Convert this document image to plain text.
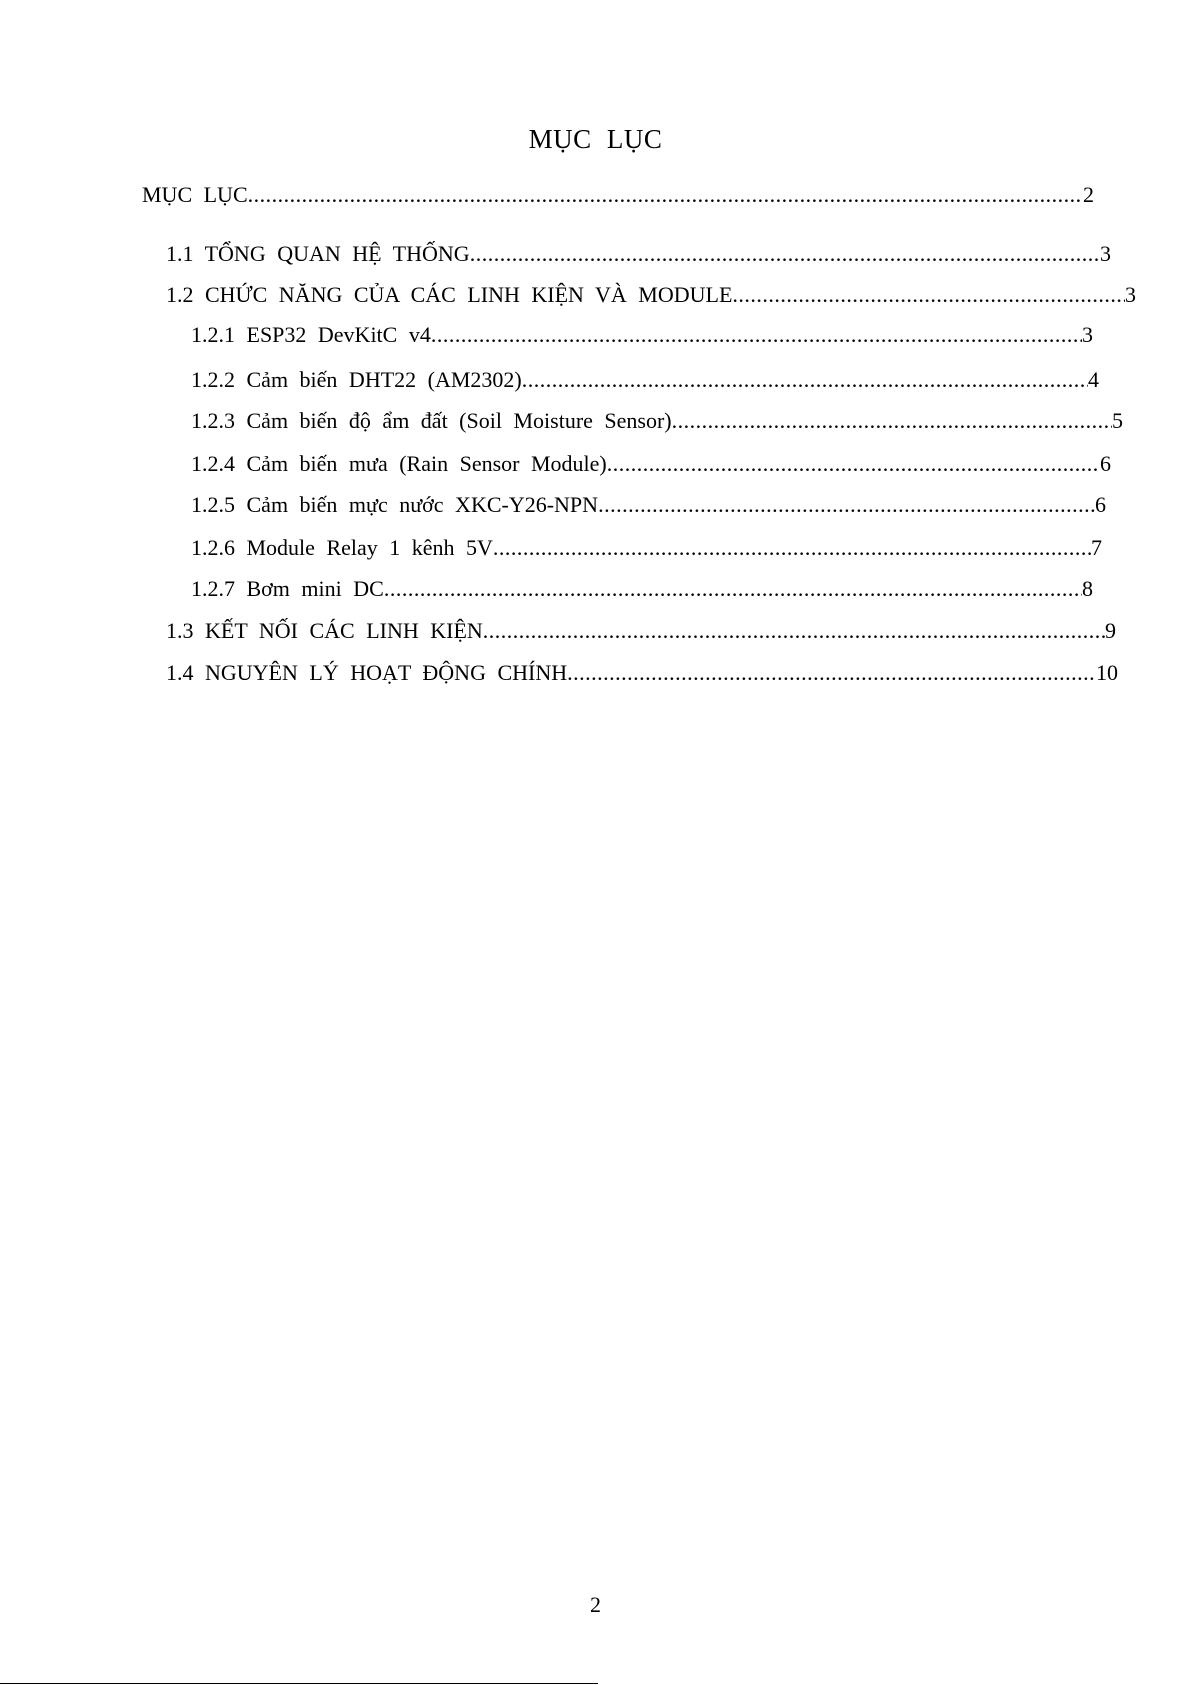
MỤC LỤC
MỤC LỤC .....	2
1.1 TỔNG QUAN HỆ THỐNG .....	3
1.2 CHỨC NĂNG CỦA CÁC LINH KIỆN VÀ MODULE .....	3
1.2.1 ESP32 DevKitC v4 .....	3
1.2.2 Cảm biến DHT22 (AM2302) .....	4
1.2.3 Cảm biến độ ẩm đất (Soil Moisture Sensor) .....	5
1.2.4 Cảm biến mưa (Rain Sensor Module) .....	6
1.2.5 Cảm biến mực nước XKC-Y26-NPN .....	6
1.2.6 Module Relay 1 kênh 5V .....	7
1.2.7 Bơm mini DC .....	8
1.3 KẾT NỐI CÁC LINH KIỆN .....	9
1.4 NGUYÊN LÝ HOẠT ĐỘNG CHÍNH .....	10
2
